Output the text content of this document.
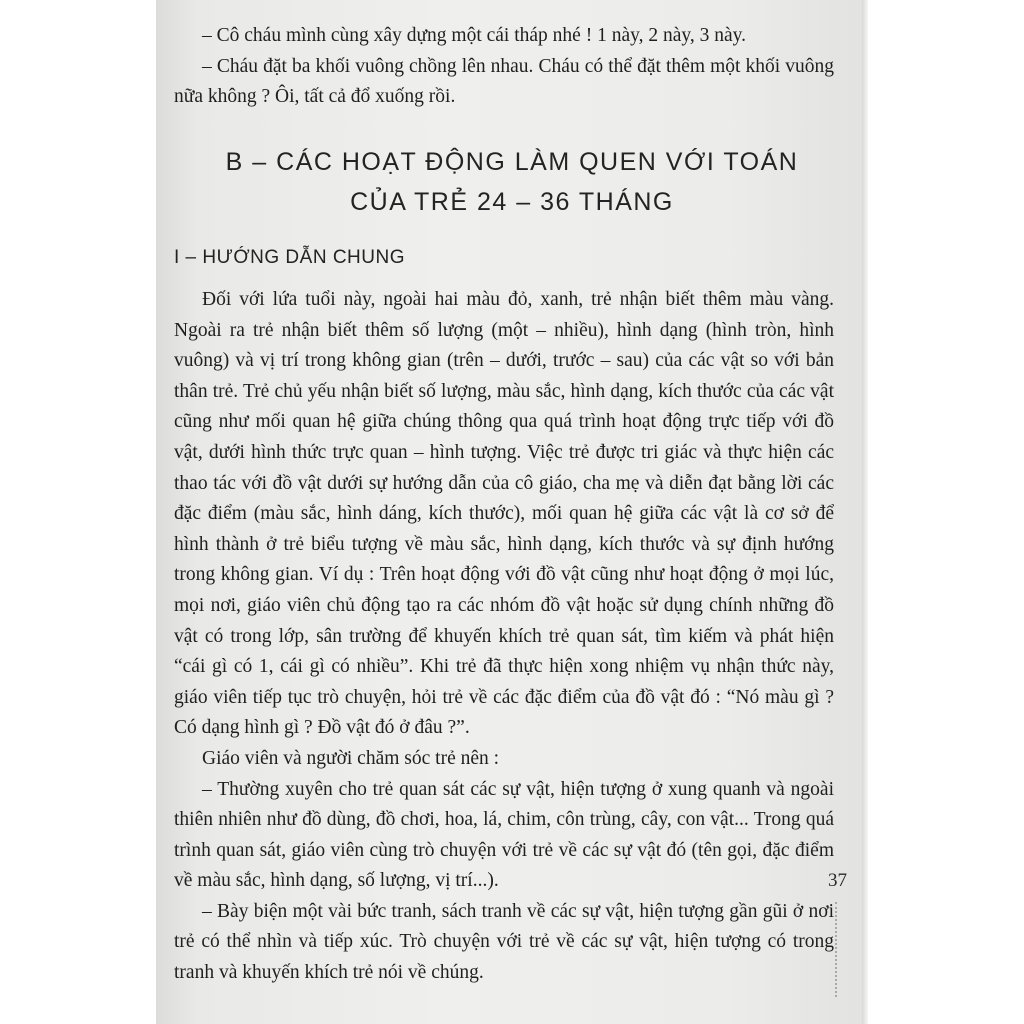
– Cô cháu mình cùng xây dựng một cái tháp nhé ! 1 này, 2 này, 3 này.

– Cháu đặt ba khối vuông chồng lên nhau. Cháu có thể đặt thêm một khối vuông nữa không ? Ôi, tất cả đổ xuống rồi.

B – CÁC HOẠT ĐỘNG LÀM QUEN VỚI TOÁN
CỦA TRẺ 24 – 36 THÁNG
I – HƯỚNG DẪN CHUNG

Đối với lứa tuổi này, ngoài hai màu đỏ, xanh, trẻ nhận biết thêm màu vàng. Ngoài ra trẻ nhận biết thêm số lượng (một – nhiều), hình dạng (hình tròn, hình vuông) và vị trí trong không gian (trên – dưới, trước – sau) của các vật so với bản thân trẻ. Trẻ chủ yếu nhận biết số lượng, màu sắc, hình dạng, kích thước của các vật cũng như mối quan hệ giữa chúng thông qua quá trình hoạt động trực tiếp với đồ vật, dưới hình thức trực quan – hình tượng. Việc trẻ được tri giác và thực hiện các thao tác với đồ vật dưới sự hướng dẫn của cô giáo, cha mẹ và diễn đạt bằng lời các đặc điểm (màu sắc, hình dáng, kích thước), mối quan hệ giữa các vật là cơ sở để hình thành ở trẻ biểu tượng về màu sắc, hình dạng, kích thước và sự định hướng trong không gian. Ví dụ : Trên hoạt động với đồ vật cũng như hoạt động ở mọi lúc, mọi nơi, giáo viên chủ động tạo ra các nhóm đồ vật hoặc sử dụng chính những đồ vật có trong lớp, sân trường để khuyến khích trẻ quan sát, tìm kiếm và phát hiện “cái gì có 1, cái gì có nhiều”. Khi trẻ đã thực hiện xong nhiệm vụ nhận thức này, giáo viên tiếp tục trò chuyện, hỏi trẻ về các đặc điểm của đồ vật đó : “Nó màu gì ? Có dạng hình gì ? Đồ vật đó ở đâu ?”.

Giáo viên và người chăm sóc trẻ nên :

– Thường xuyên cho trẻ quan sát các sự vật, hiện tượng ở xung quanh và ngoài thiên nhiên như đồ dùng, đồ chơi, hoa, lá, chim, côn trùng, cây, con vật... Trong quá trình quan sát, giáo viên cùng trò chuyện với trẻ về các sự vật đó (tên gọi, đặc điểm về màu sắc, hình dạng, số lượng, vị trí...).

– Bày biện một vài bức tranh, sách tranh về các sự vật, hiện tượng gần gũi ở nơi trẻ có thể nhìn và tiếp xúc. Trò chuyện với trẻ về các sự vật, hiện tượng có trong tranh và khuyến khích trẻ nói về chúng.

37
